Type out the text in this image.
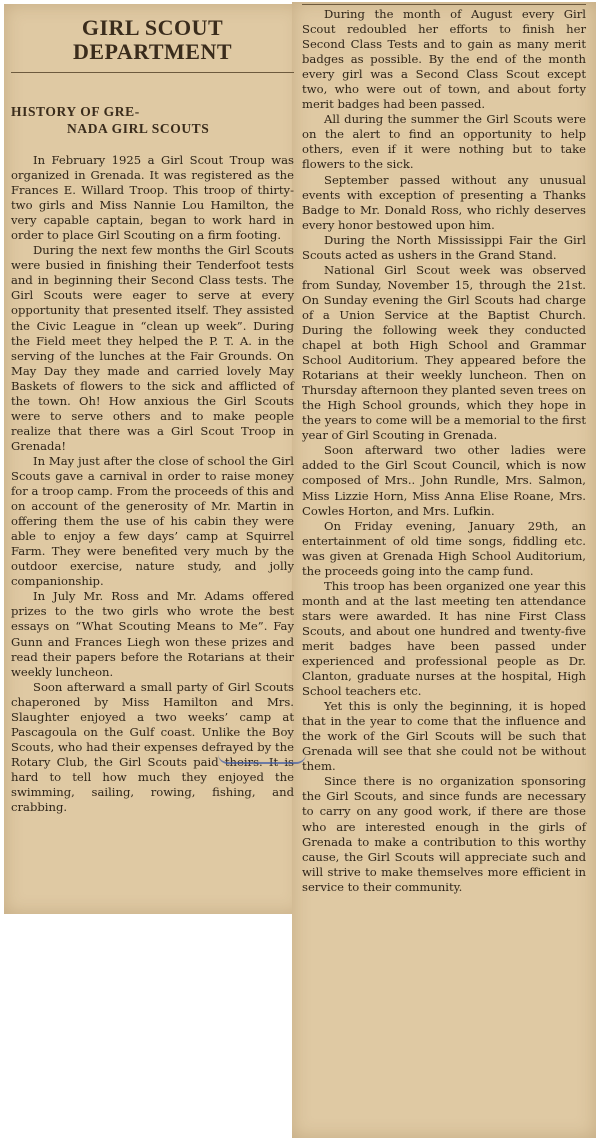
GIRL SCOUT
DEPARTMENT
HISTORY OF GRE-
NADA GIRL SCOUTS

In February 1925 a Girl Scout Troup was organized in Grenada. It was registered as the Frances E. Willard Troop. This troop of thirty-two girls and Miss Nannie Lou Hamilton, the very capable captain, began to work hard in order to place Girl Scouting on a firm footing.

During the next few months the Girl Scouts were busied in finishing their Tenderfoot tests and in beginning their Second Class tests. The Girl Scouts were eager to serve at every opportunity that presented itself. They assisted the Civic League in “clean up week”. During the Field meet they helped the P. T. A. in the serving of the lunches at the Fair Grounds. On May Day they made and carried lovely May Baskets of flowers to the sick and afflicted of the town. Oh! How anxious the Girl Scouts were to serve others and to make people realize that there was a Girl Scout Troop in Grenada!

In May just after the close of school the Girl Scouts gave a carnival in order to raise money for a troop camp. From the proceeds of this and on account of the generosity of Mr. Martin in offering them the use of his cabin they were able to enjoy a few days’ camp at Squirrel Farm. They were benefited very much by the outdoor exercise, nature study, and jolly companionship.

In July Mr. Ross and Mr. Adams offered prizes to the two girls who wrote the best essays on “What Scouting Means to Me”. Fay Gunn and Frances Liegh won these prizes and read their papers before the Rotarians at their weekly luncheon.

Soon afterward a small party of Girl Scouts chaperoned by Miss Hamilton and Mrs. Slaughter enjoyed a two weeks’ camp at Pascagoula on the Gulf coast. Unlike the Boy Scouts, who had their expenses defrayed by the Rotary Club, the Girl Scouts paid theirs. It is hard to tell how much they enjoyed the swimming, sailing, rowing, fishing, and crabbing.

During the month of August every Girl Scout redoubled her efforts to finish her Second Class Tests and to gain as many merit badges as possible. By the end of the month every girl was a Second Class Scout except two, who were out of town, and about forty merit badges had been passed.

All during the summer the Girl Scouts were on the alert to find an opportunity to help others, even if it were nothing but to take flowers to the sick.

September passed without any unusual events with exception of presenting a Thanks Badge to Mr. Donald Ross, who richly deserves every honor bestowed upon him.

During the North Mississippi Fair the Girl Scouts acted as ushers in the Grand Stand.

National Girl Scout week was observed from Sunday, November 15, through the 21st. On Sunday evening the Girl Scouts had charge of a Union Service at the Baptist Church. During the following week they conducted chapel at both High School and Grammar School Auditorium. They appeared before the Rotarians at their weekly luncheon. Then on Thursday afternoon they planted seven trees on the High School grounds, which they hope in the years to come will be a memorial to the first year of Girl Scouting in Grenada.

Soon afterward two other ladies were added to the Girl Scout Council, which is now composed of Mrs.. John Rundle, Mrs. Salmon, Miss Lizzie Horn, Miss Anna Elise Roane, Mrs. Cowles Horton, and Mrs. Lufkin.

On Friday evening, January 29th, an entertainment of old time songs, fiddling etc. was given at Grenada High School Auditorium, the proceeds going into the camp fund.

This troop has been organized one year this month and at the last meeting ten attendance stars were awarded. It has nine First Class Scouts, and about one hundred and twenty-five merit badges have been passed under experienced and professional people as Dr. Clanton, graduate nurses at the hospital, High School teachers etc.

Yet this is only the beginning, it is hoped that in the year to come that the influence and the work of the Girl Scouts will be such that Grenada will see that she could not be without them.

Since there is no organization sponsoring the Girl Scouts, and since funds are necessary to carry on any good work, if there are those who are interested enough in the girls of Grenada to make a contribution to this worthy cause, the Girl Scouts will appreciate such and will strive to make themselves more efficient in service to their community.
